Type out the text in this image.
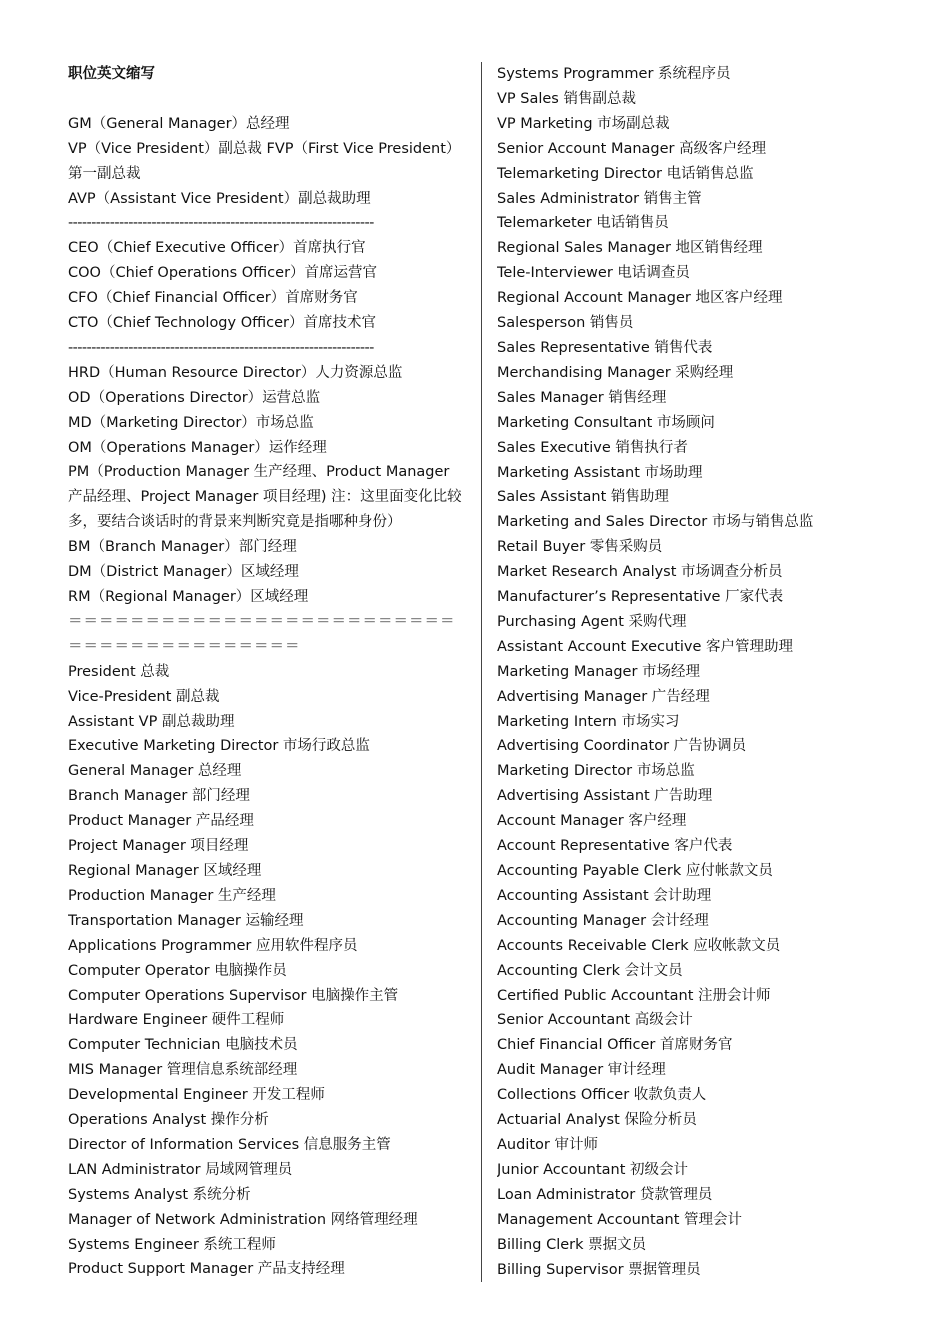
职位英文缩写
GM（General Manager）总经理
VP（Vice President）副总裁 FVP（First Vice President）第一副总裁
AVP（Assistant Vice President）副总裁助理
------------------------------------------------------------------
CEO（Chief Executive Officer）首席执行官
COO（Chief Operations Officer）首席运营官
CFO（Chief Financial Officer）首席财务官
CTO（Chief Technology Officer）首席技术官
------------------------------------------------------------------
HRD（Human Resource Director）人力资源总监
OD（Operations Director）运营总监
MD（Marketing Director）市场总监
OM（Operations Manager）运作经理
PM（Production Manager 生产经理、Product Manager 产品经理、Project Manager 项目经理) 注：这里面变化比较多，要结合谈话时的背景来判断究竟是指哪种身份）
BM（Branch Manager）部门经理
DM（District Manager）区域经理
RM（Regional Manager）区域经理
＝＝＝＝＝＝＝＝＝＝＝＝＝＝＝＝＝＝＝＝＝＝＝＝＝＝＝＝＝＝＝＝＝＝＝＝＝＝＝＝
President 总裁
Vice-President 副总裁
Assistant VP 副总裁助理
Executive Marketing Director 市场行政总监
General Manager 总经理
Branch Manager 部门经理
Product Manager 产品经理
Project Manager 项目经理
Regional Manager 区域经理
Production Manager 生产经理
Transportation Manager 运输经理
Applications Programmer 应用软件程序员
Computer Operator 电脑操作员
Computer Operations Supervisor 电脑操作主管
Hardware Engineer 硬件工程师
Computer Technician 电脑技术员
MIS Manager 管理信息系统部经理
Developmental Engineer 开发工程师
Operations Analyst 操作分析
Director of Information Services 信息服务主管
LAN Administrator 局域网管理员
Systems Analyst 系统分析
Manager of Network Administration 网络管理经理
Systems Engineer 系统工程师
Product Support Manager 产品支持经理
Systems Programmer 系统程序员
VP Sales 销售副总裁
VP Marketing 市场副总裁
Senior Account Manager 高级客户经理
Telemarketing Director 电话销售总监
Sales Administrator 销售主管
Telemarketer 电话销售员
Regional Sales Manager 地区销售经理
Tele-Interviewer 电话调查员
Regional Account Manager 地区客户经理
Salesperson 销售员
Sales Representative 销售代表
Merchandising Manager 采购经理
Sales Manager 销售经理
Marketing Consultant 市场顾问
Sales Executive 销售执行者
Marketing Assistant 市场助理
Sales Assistant 销售助理
Marketing and Sales Director 市场与销售总监
Retail Buyer 零售采购员
Market Research Analyst 市场调查分析员
Manufacturer’s Representative 厂家代表
Purchasing Agent 采购代理
Assistant Account Executive 客户管理助理
Marketing Manager 市场经理
Advertising Manager 广告经理
Marketing Intern 市场实习
Advertising Coordinator 广告协调员
Marketing Director 市场总监
Advertising Assistant 广告助理
Account Manager 客户经理
Account Representative 客户代表
Accounting Payable Clerk 应付帐款文员
Accounting Assistant 会计助理
Accounting Manager 会计经理
Accounts Receivable Clerk 应收帐款文员
Accounting Clerk 会计文员
Certified Public Accountant 注册会计师
Senior Accountant 高级会计
Chief Financial Officer 首席财务官
Audit Manager 审计经理
Collections Officer 收款负责人
Actuarial Analyst 保险分析员
Auditor 审计师
Junior Accountant 初级会计
Loan Administrator 贷款管理员
Management Accountant 管理会计
Billing Clerk 票据文员
Billing Supervisor 票据管理员
